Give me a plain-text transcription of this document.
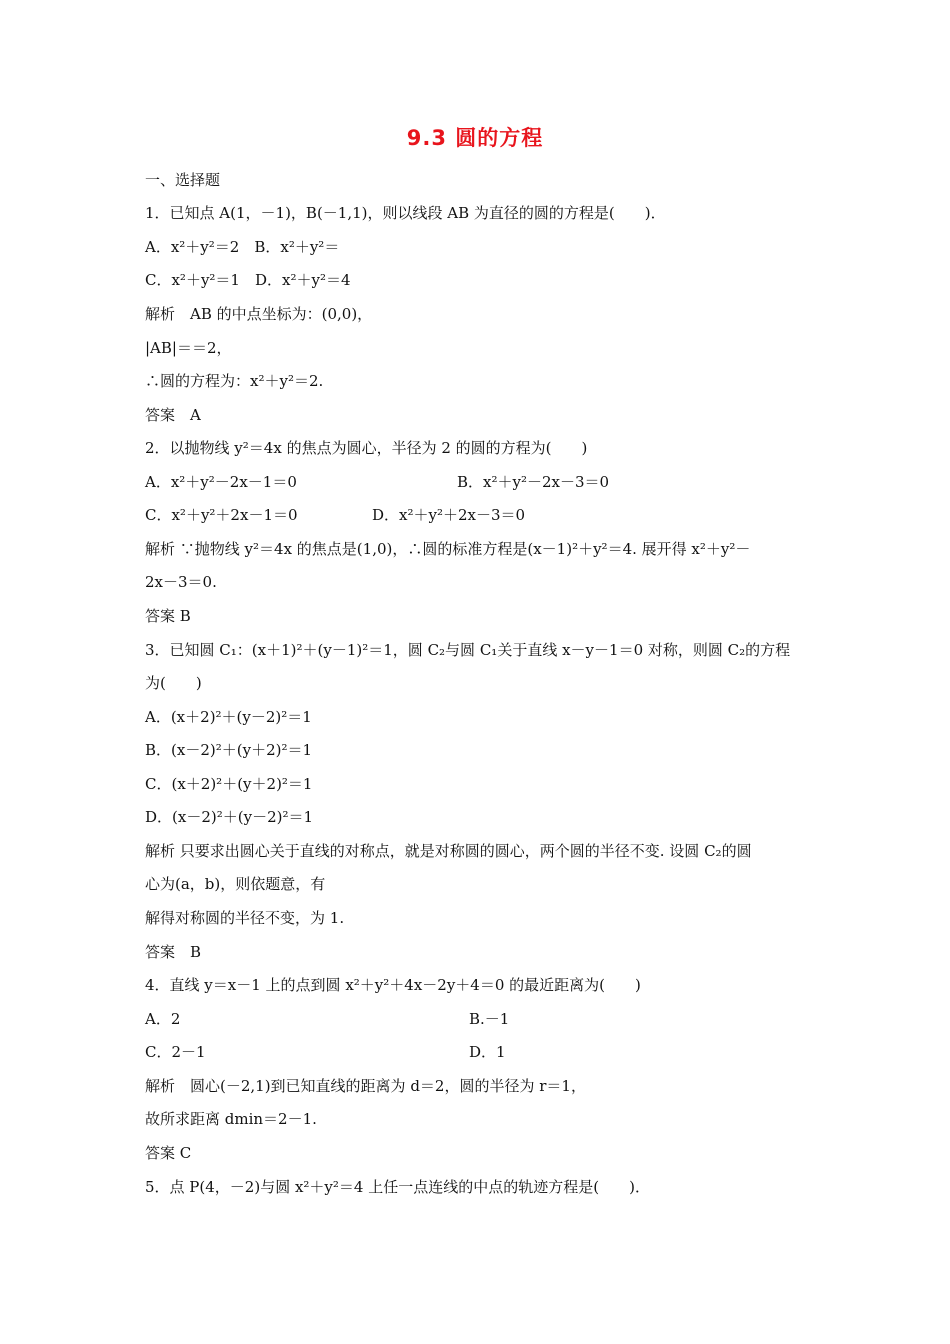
9.3 圆的方程
一、选择题
1．已知点 A(1，－1)，B(－1,1)，则以线段 AB 为直径的圆的方程是(　　)．
A．x²＋y²＝2　B．x²＋y²＝
C．x²＋y²＝1　D．x²＋y²＝4
解析　AB 的中点坐标为：(0,0)，
|AB|＝＝2，
∴圆的方程为：x²＋y²＝2.
答案　A
2．以抛物线 y²＝4x 的焦点为圆心，半径为 2 的圆的方程为(　　)
A．x²＋y²－2x－1＝0	B．x²＋y²－2x－3＝0
C．x²＋y²＋2x－1＝0	D．x²＋y²＋2x－3＝0
解析 ∵抛物线 y²＝4x 的焦点是(1,0)，∴圆的标准方程是(x－1)²＋y²＝4. 展开得 x²＋y²－
2x－3＝0.
答案 B
3．已知圆 C₁：(x＋1)²＋(y－1)²＝1，圆 C₂与圆 C₁关于直线 x－y－1＝0 对称，则圆 C₂的方程
为(　　)
A．(x＋2)²＋(y－2)²＝1
B．(x－2)²＋(y＋2)²＝1
C．(x＋2)²＋(y＋2)²＝1
D．(x－2)²＋(y－2)²＝1
解析 只要求出圆心关于直线的对称点，就是对称圆的圆心，两个圆的半径不变. 设圆 C₂的圆
心为(a，b)，则依题意，有
解得对称圆的半径不变，为 1.
答案　B
4．直线 y＝x－1 上的点到圆 x²＋y²＋4x－2y＋4＝0 的最近距离为(　　)
A．2	B.－1
C．2－1	D．1
解析　圆心(－2,1)到已知直线的距离为 d＝2，圆的半径为 r＝1，
故所求距离 dmin＝2－1.
答案 C
5．点 P(4，－2)与圆 x²＋y²＝4 上任一点连线的中点的轨迹方程是(　　)．
